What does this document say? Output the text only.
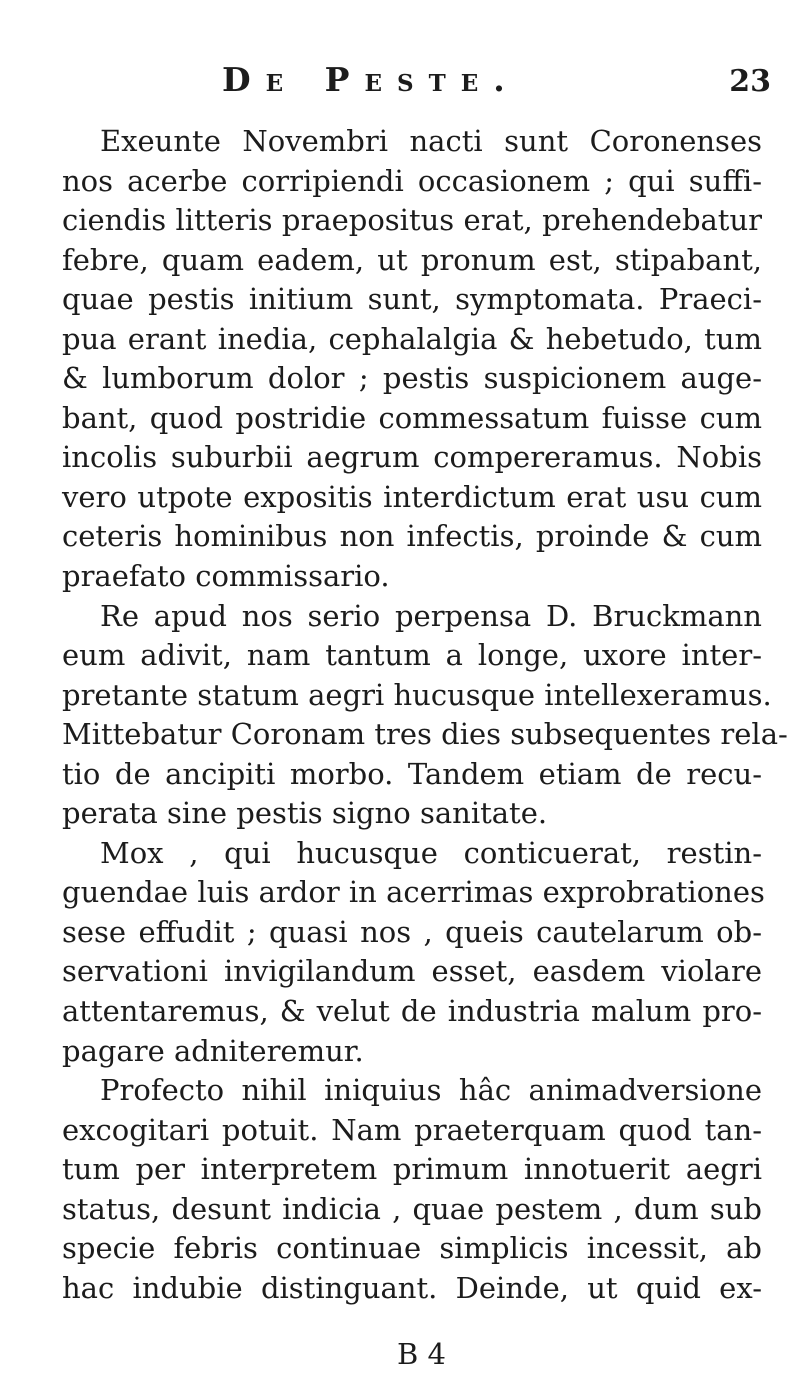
De Peste.	23
Exeunte Novembri nacti sunt Coronenses
nos acerbe corripiendi occasionem ; qui suffi-
ciendis litteris praepositus erat, prehendebatur
febre, quam eadem, ut pronum est, stipabant,
quae pestis initium sunt, symptomata. Praeci-
pua erant inedia, cephalalgia & hebetudo, tum
& lumborum dolor ; pestis suspicionem auge-
bant, quod postridie commessatum fuisse cum
incolis suburbii aegrum compereramus. Nobis
vero utpote expositis interdictum erat usu cum
ceteris hominibus non infectis, proinde & cum
praefato commissario.
Re apud nos serio perpensa D. Bruckmann
eum adivit, nam tantum a longe, uxore inter-
pretante statum aegri hucusque intellexeramus.
Mittebatur Coronam tres dies subsequentes rela-
tio de ancipiti morbo. Tandem etiam de recu-
perata sine pestis signo sanitate.
Mox , qui hucusque conticuerat, restin-
guendae luis ardor in acerrimas exprobrationes
sese effudit ; quasi nos , queis cautelarum ob-
servationi invigilandum esset, easdem violare
attentaremus, & velut de industria malum pro-
pagare adniteremur.
Profecto nihil iniquius hâc animadversione
excogitari potuit. Nam praeterquam quod tan-
tum per interpretem primum innotuerit aegri
status, desunt indicia , quae pestem , dum sub
specie febris continuae simplicis incessit, ab
hac indubie distinguant. Deinde, ut quid ex-
B 4
